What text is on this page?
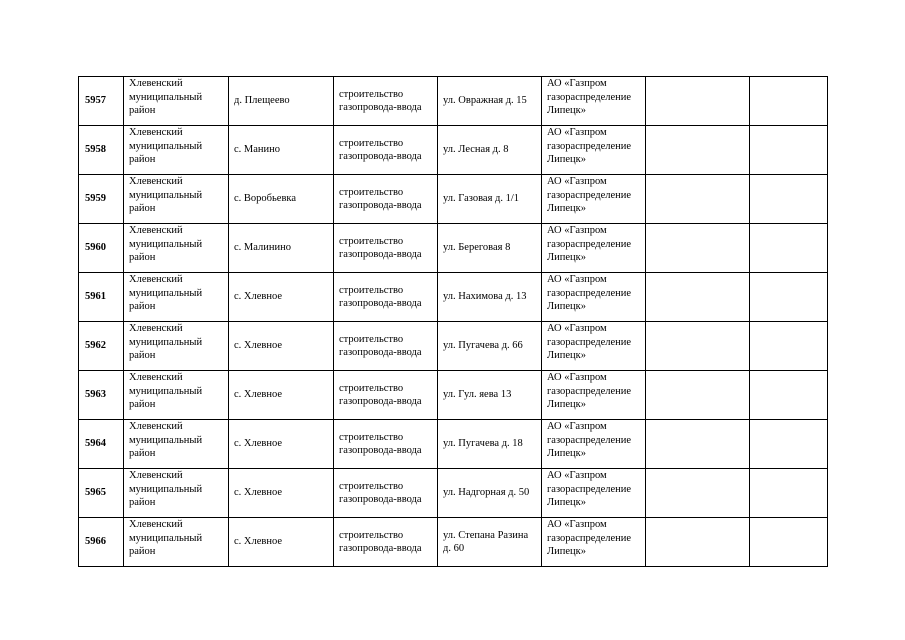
5957	Хлевенский
муниципальный
район	д. Плещеево	строительство
газопровода-ввода	ул. Овражная д. 15	АО «Газпром
газораспределение
Липецк»		
5958	Хлевенский
муниципальный
район	с. Манино	строительство
газопровода-ввода	ул. Лесная д. 8	АО «Газпром
газораспределение
Липецк»		
5959	Хлевенский
муниципальный
район	с. Воробьевка	строительство
газопровода-ввода	ул. Газовая д. 1/1	АО «Газпром
газораспределение
Липецк»		
5960	Хлевенский
муниципальный
район	с. Малинино	строительство
газопровода-ввода	ул. Береговая 8	АО «Газпром
газораспределение
Липецк»		
5961	Хлевенский
муниципальный
район	с. Хлевное	строительство
газопровода-ввода	ул. Нахимова д. 13	АО «Газпром
газораспределение
Липецк»		
5962	Хлевенский
муниципальный
район	с. Хлевное	строительство
газопровода-ввода	ул. Пугачева д. 66	АО «Газпром
газораспределение
Липецк»		
5963	Хлевенский
муниципальный
район	с. Хлевное	строительство
газопровода-ввода	ул. Гул. яева 13	АО «Газпром
газораспределение
Липецк»		
5964	Хлевенский
муниципальный
район	с. Хлевное	строительство
газопровода-ввода	ул. Пугачева д. 18	АО «Газпром
газораспределение
Липецк»		
5965	Хлевенский
муниципальный
район	с. Хлевное	строительство
газопровода-ввода	ул. Надгорная д. 50	АО «Газпром
газораспределение
Липецк»		
5966	Хлевенский
муниципальный
район	с. Хлевное	строительство
газопровода-ввода	ул. Степана Разина
д. 60	АО «Газпром
газораспределение
Липецк»		
